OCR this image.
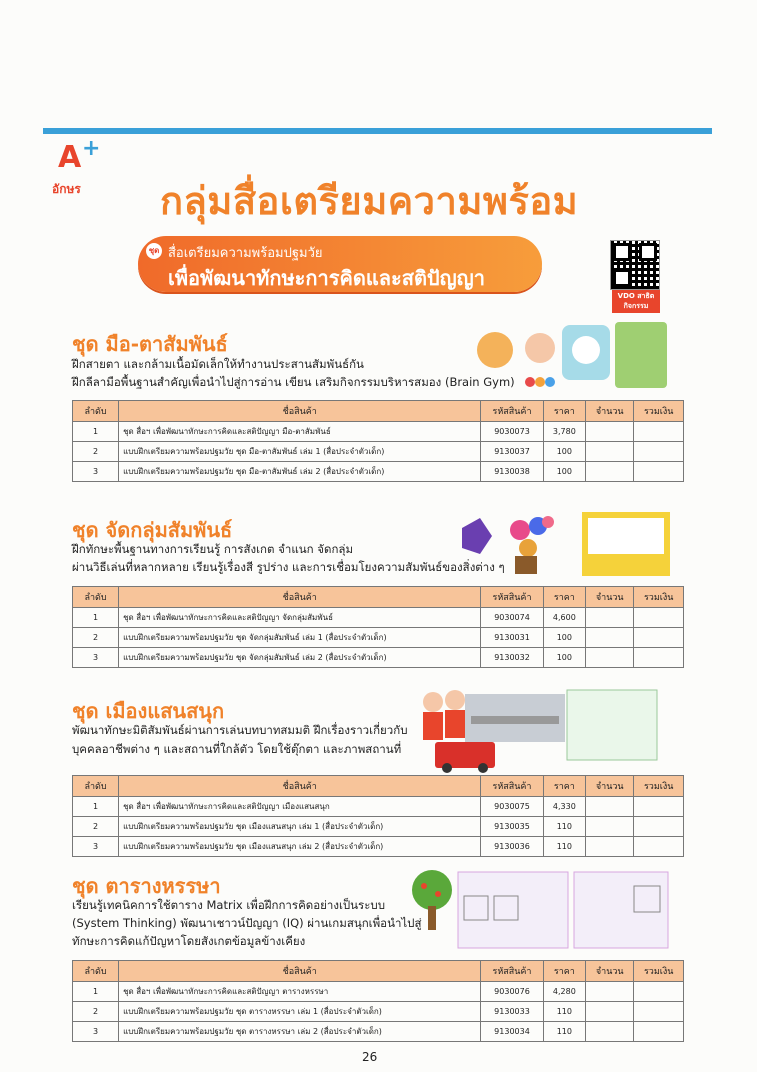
A +
อักษร กลุ่มสื่อเตรียมความพร้อม
ชุด สื่อเตรียมความพร้อมปฐมวัย
เพื่อพัฒนาทักษะการคิดและสติปัญญา
VDO สาธิตกิจกรรม
ชุด มือ-ตาสัมพันธ์
ฝึกสายตา และกล้ามเนื้อมัดเล็กให้ทำงานประสานสัมพันธ์กัน
ฝึกลีลามือพื้นฐานสำคัญเพื่อนำไปสู่การอ่าน เขียน เสริมกิจกรรมบริหารสมอง (Brain Gym)
ลำดับ	ชื่อสินค้า	รหัสสินค้า	ราคา	จำนวน	รวมเงิน
1	ชุด สื่อฯ เพื่อพัฒนาทักษะการคิดและสติปัญญา มือ-ตาสัมพันธ์	9030073	3,780		
2	แบบฝึกเตรียมความพร้อมปฐมวัย ชุด มือ-ตาสัมพันธ์ เล่ม 1 (สื่อประจำตัวเด็ก)	9130037	100		
3	แบบฝึกเตรียมความพร้อมปฐมวัย ชุด มือ-ตาสัมพันธ์ เล่ม 2 (สื่อประจำตัวเด็ก)	9130038	100		
ชุด จัดกลุ่มสัมพันธ์
ฝึกทักษะพื้นฐานทางการเรียนรู้ การสังเกต จำแนก จัดกลุ่ม
ผ่านวิธีเล่นที่หลากหลาย เรียนรู้เรื่องสี รูปร่าง และการเชื่อมโยงความสัมพันธ์ของสิ่งต่าง ๆ
ลำดับ	ชื่อสินค้า	รหัสสินค้า	ราคา	จำนวน	รวมเงิน
1	ชุด สื่อฯ เพื่อพัฒนาทักษะการคิดและสติปัญญา จัดกลุ่มสัมพันธ์	9030074	4,600		
2	แบบฝึกเตรียมความพร้อมปฐมวัย ชุด จัดกลุ่มสัมพันธ์ เล่ม 1 (สื่อประจำตัวเด็ก)	9130031	100		
3	แบบฝึกเตรียมความพร้อมปฐมวัย ชุด จัดกลุ่มสัมพันธ์ เล่ม 2 (สื่อประจำตัวเด็ก)	9130032	100		
ชุด เมืองแสนสนุก
พัฒนาทักษะมิติสัมพันธ์ผ่านการเล่นบทบาทสมมติ ฝึกเรื่องราวเกี่ยวกับ
บุคคลอาชีพต่าง ๆ และสถานที่ใกล้ตัว โดยใช้ตุ๊กตา และภาพสถานที่
ลำดับ	ชื่อสินค้า	รหัสสินค้า	ราคา	จำนวน	รวมเงิน
1	ชุด สื่อฯ เพื่อพัฒนาทักษะการคิดและสติปัญญา เมืองแสนสนุก	9030075	4,330		
2	แบบฝึกเตรียมความพร้อมปฐมวัย ชุด เมืองแสนสนุก เล่ม 1 (สื่อประจำตัวเด็ก)	9130035	110		
3	แบบฝึกเตรียมความพร้อมปฐมวัย ชุด เมืองแสนสนุก เล่ม 2 (สื่อประจำตัวเด็ก)	9130036	110		
ชุด ตารางหรรษา
เรียนรู้เทคนิคการใช้ตาราง Matrix เพื่อฝึกการคิดอย่างเป็นระบบ
(System Thinking) พัฒนาเชาวน์ปัญญา (IQ) ผ่านเกมสนุกเพื่อนำไปสู่
ทักษะการคิดแก้ปัญหาโดยสังเกตข้อมูลข้างเคียง
ลำดับ	ชื่อสินค้า	รหัสสินค้า	ราคา	จำนวน	รวมเงิน
1	ชุด สื่อฯ เพื่อพัฒนาทักษะการคิดและสติปัญญา ตารางหรรษา	9030076	4,280		
2	แบบฝึกเตรียมความพร้อมปฐมวัย ชุด ตารางหรรษา เล่ม 1 (สื่อประจำตัวเด็ก)	9130033	110		
3	แบบฝึกเตรียมความพร้อมปฐมวัย ชุด ตารางหรรษา เล่ม 2 (สื่อประจำตัวเด็ก)	9130034	110		
26
